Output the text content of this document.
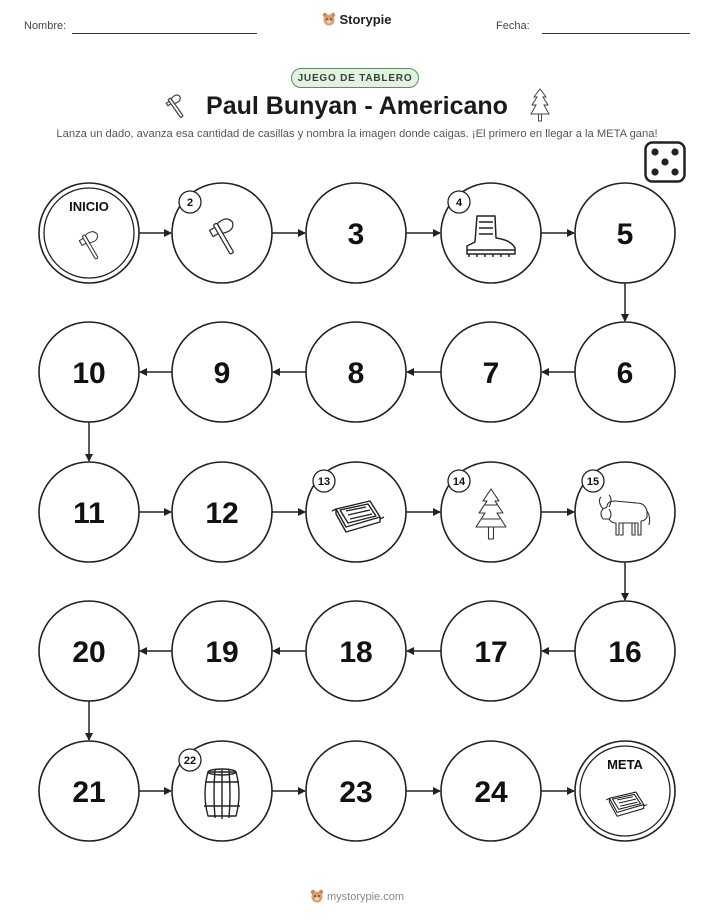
Nombre:	Fecha:
Storypie
JUEGO DE TABLERO
Paul Bunyan - Americano
Lanza un dado, avanza esa cantidad de casillas y nombra la imagen donde caigas. ¡El primero en llegar a la META gana!
INICIO	2
3
4
5
6
7
8
9
10
11	12
13	14	15
16
17
18
19
20
21
22
23	24
META
mystorypie.com
